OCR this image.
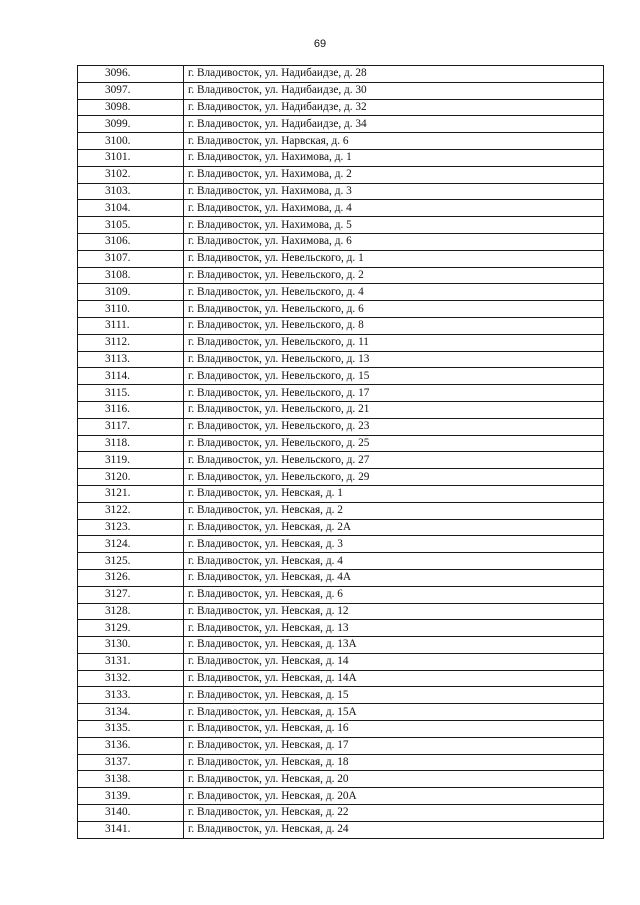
69
3096.	г. Владивосток, ул. Надибаидзе, д. 28
3097.	г. Владивосток, ул. Надибаидзе, д. 30
3098.	г. Владивосток, ул. Надибаидзе, д. 32
3099.	г. Владивосток, ул. Надибаидзе, д. 34
3100.	г. Владивосток, ул. Нарвская, д. 6
3101.	г. Владивосток, ул. Нахимова, д. 1
3102.	г. Владивосток, ул. Нахимова, д. 2
3103.	г. Владивосток, ул. Нахимова, д. 3
3104.	г. Владивосток, ул. Нахимова, д. 4
3105.	г. Владивосток, ул. Нахимова, д. 5
3106.	г. Владивосток, ул. Нахимова, д. 6
3107.	г. Владивосток, ул. Невельского, д. 1
3108.	г. Владивосток, ул. Невельского, д. 2
3109.	г. Владивосток, ул. Невельского, д. 4
3110.	г. Владивосток, ул. Невельского, д. 6
3111.	г. Владивосток, ул. Невельского, д. 8
3112.	г. Владивосток, ул. Невельского, д. 11
3113.	г. Владивосток, ул. Невельского, д. 13
3114.	г. Владивосток, ул. Невельского, д. 15
3115.	г. Владивосток, ул. Невельского, д. 17
3116.	г. Владивосток, ул. Невельского, д. 21
3117.	г. Владивосток, ул. Невельского, д. 23
3118.	г. Владивосток, ул. Невельского, д. 25
3119.	г. Владивосток, ул. Невельского, д. 27
3120.	г. Владивосток, ул. Невельского, д. 29
3121.	г. Владивосток, ул. Невская, д. 1
3122.	г. Владивосток, ул. Невская, д. 2
3123.	г. Владивосток, ул. Невская, д. 2А
3124.	г. Владивосток, ул. Невская, д. 3
3125.	г. Владивосток, ул. Невская, д. 4
3126.	г. Владивосток, ул. Невская, д. 4А
3127.	г. Владивосток, ул. Невская, д. 6
3128.	г. Владивосток, ул. Невская, д. 12
3129.	г. Владивосток, ул. Невская, д. 13
3130.	г. Владивосток, ул. Невская, д. 13А
3131.	г. Владивосток, ул. Невская, д. 14
3132.	г. Владивосток, ул. Невская, д. 14А
3133.	г. Владивосток, ул. Невская, д. 15
3134.	г. Владивосток, ул. Невская, д. 15А
3135.	г. Владивосток, ул. Невская, д. 16
3136.	г. Владивосток, ул. Невская, д. 17
3137.	г. Владивосток, ул. Невская, д. 18
3138.	г. Владивосток, ул. Невская, д. 20
3139.	г. Владивосток, ул. Невская, д. 20А
3140.	г. Владивосток, ул. Невская, д. 22
3141.	г. Владивосток, ул. Невская, д. 24
